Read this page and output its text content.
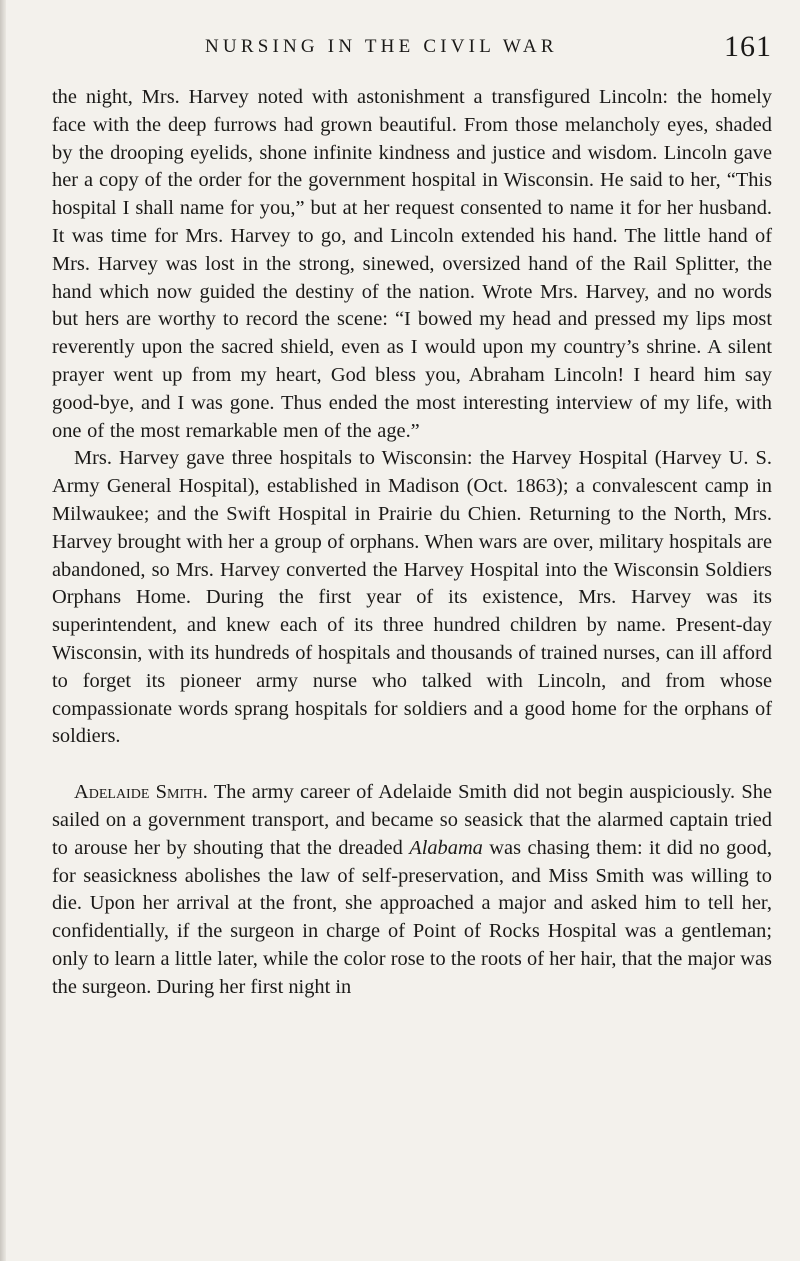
NURSING IN THE CIVIL WAR	161

the night, Mrs. Harvey noted with astonishment a transfigured Lincoln: the homely face with the deep furrows had grown beautiful. From those melancholy eyes, shaded by the drooping eyelids, shone infinite kindness and justice and wisdom. Lincoln gave her a copy of the order for the government hospital in Wisconsin. He said to her, “This hospital I shall name for you,” but at her request consented to name it for her husband. It was time for Mrs. Harvey to go, and Lincoln extended his hand. The little hand of Mrs. Harvey was lost in the strong, sinewed, oversized hand of the Rail Splitter, the hand which now guided the destiny of the nation. Wrote Mrs. Harvey, and no words but hers are worthy to record the scene: “I bowed my head and pressed my lips most reverently upon the sacred shield, even as I would upon my country’s shrine. A silent prayer went up from my heart, God bless you, Abraham Lincoln! I heard him say good-bye, and I was gone. Thus ended the most interesting interview of my life, with one of the most remarkable men of the age.”

Mrs. Harvey gave three hospitals to Wisconsin: the Harvey Hospital (Harvey U. S. Army General Hospital), established in Madison (Oct. 1863); a convalescent camp in Milwaukee; and the Swift Hospital in Prairie du Chien. Returning to the North, Mrs. Harvey brought with her a group of orphans. When wars are over, military hospitals are abandoned, so Mrs. Harvey converted the Harvey Hospital into the Wisconsin Soldiers Orphans Home. During the first year of its existence, Mrs. Harvey was its superintendent, and knew each of its three hundred children by name. Present-day Wisconsin, with its hundreds of hospitals and thousands of trained nurses, can ill afford to forget its pioneer army nurse who talked with Lincoln, and from whose compassionate words sprang hospitals for soldiers and a good home for the orphans of soldiers.

Adelaide Smith. The army career of Adelaide Smith did not begin auspiciously. She sailed on a government transport, and became so seasick that the alarmed captain tried to arouse her by shouting that the dreaded Alabama was chasing them: it did no good, for seasickness abolishes the law of self-preservation, and Miss Smith was willing to die. Upon her arrival at the front, she approached a major and asked him to tell her, confidentially, if the surgeon in charge of Point of Rocks Hospital was a gentleman; only to learn a little later, while the color rose to the roots of her hair, that the major was the surgeon. During her first night in
